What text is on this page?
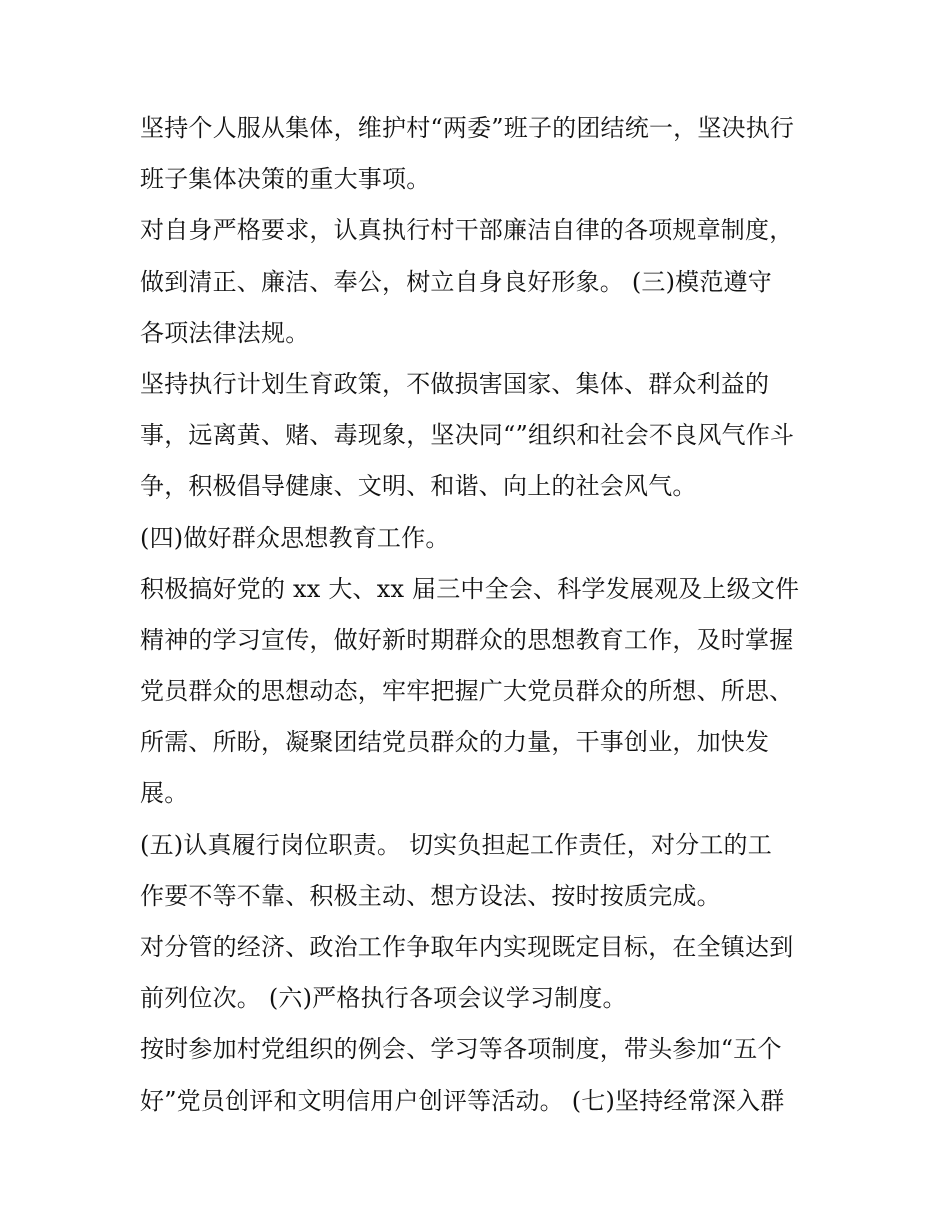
坚持个人服从集体，维护村“两委”班子的团结统一，坚决执行
班子集体决策的重大事项。
对自身严格要求，认真执行村干部廉洁自律的各项规章制度，
做到清正、廉洁、奉公，树立自身良好形象。 (三)模范遵守
各项法律法规。
坚持执行计划生育政策，不做损害国家、集体、群众利益的
事，远离黄、赌、毒现象，坚决同“”组织和社会不良风气作斗
争，积极倡导健康、文明、和谐、向上的社会风气。
(四)做好群众思想教育工作。
积极搞好党的 xx 大、xx 届三中全会、科学发展观及上级文件
精神的学习宣传，做好新时期群众的思想教育工作，及时掌握
党员群众的思想动态，牢牢把握广大党员群众的所想、所思、
所需、所盼，凝聚团结党员群众的力量，干事创业，加快发
展。
(五)认真履行岗位职责。 切实负担起工作责任，对分工的工
作要不等不靠、积极主动、想方设法、按时按质完成。
对分管的经济、政治工作争取年内实现既定目标，在全镇达到
前列位次。 (六)严格执行各项会议学习制度。
按时参加村党组织的例会、学习等各项制度，带头参加“五个
好”党员创评和文明信用户创评等活动。 (七)坚持经常深入群
